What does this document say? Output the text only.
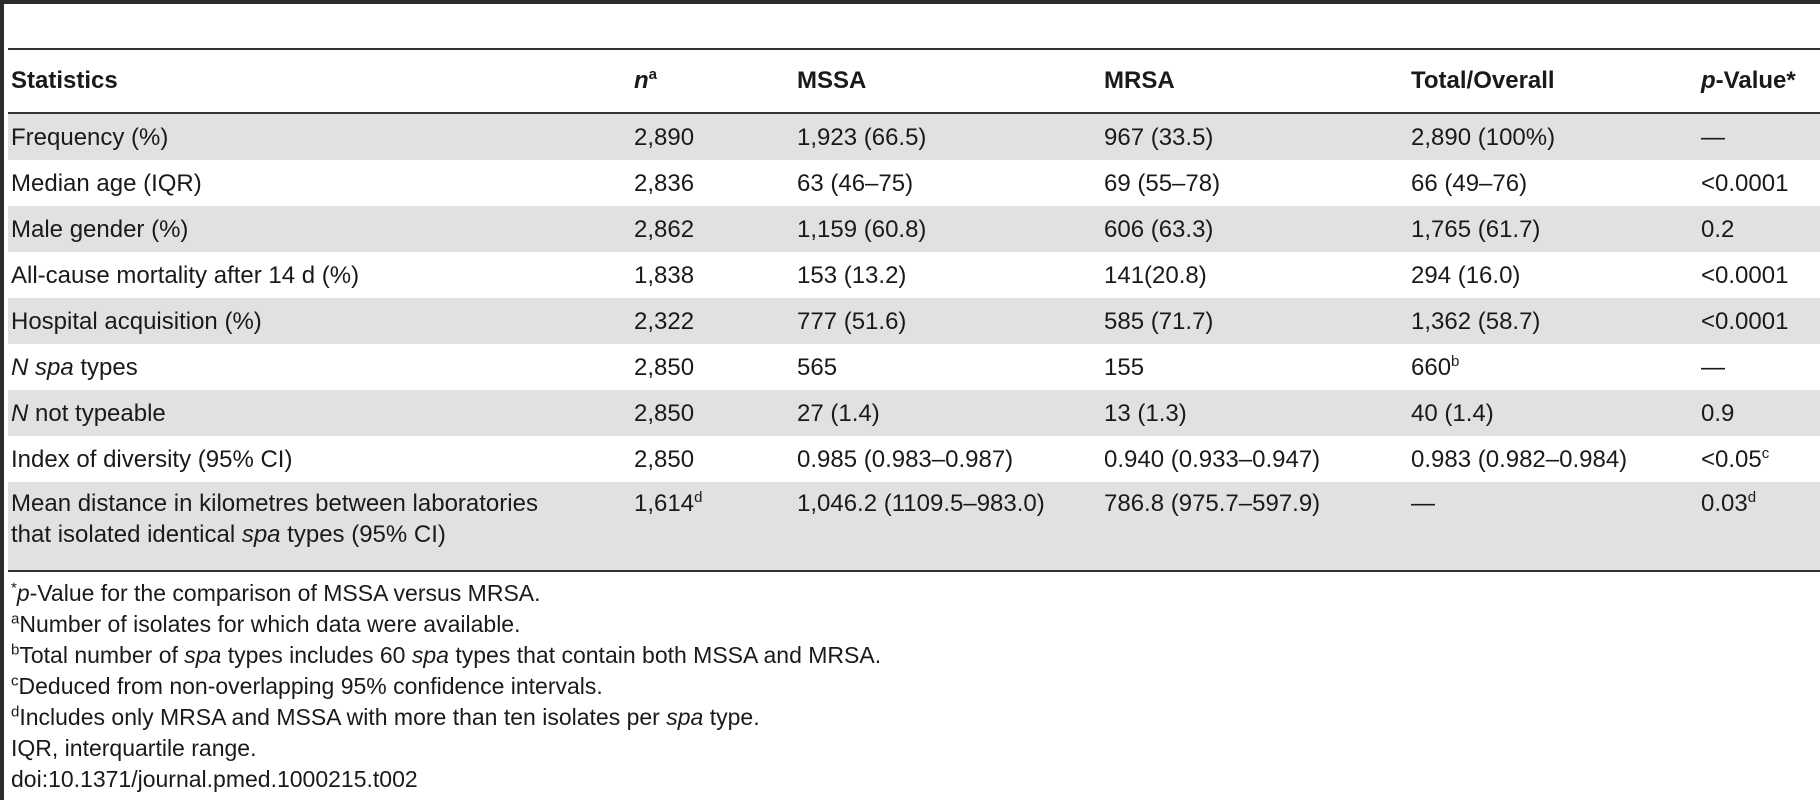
Statistics	$n^a$	MSSA	MRSA	Total/Overall	p-Value*
Frequency (%)	2,890	1,923 (66.5)	967 (33.5)	2,890 (100%)	—
Median age (IQR)	2,836	63 (46–75)	69 (55–78)	66 (49–76)	<0.0001
Male gender (%)	2,862	1,159 (60.8)	606 (63.3)	1,765 (61.7)	0.2
All-cause mortality after 14 d (%)	1,838	153 (13.2)	141(20.8)	294 (16.0)	<0.0001
Hospital acquisition (%)	2,322	777 (51.6)	585 (71.7)	1,362 (58.7)	<0.0001
N spa types	2,850	565	155	660$^b$	—
N not typeable	2,850	27 (1.4)	13 (1.3)	40 (1.4)	0.9
Index of diversity (95% CI)	2,850	0.985 (0.983–0.987)	0.940 (0.933–0.947)	0.983 (0.982–0.984)	<0.05$^c$
Mean distance in kilometres between laboratories
that isolated identical spa types (95% CI)	1,614$^d$	1,046.2 (1109.5–983.0)	786.8 (975.7–597.9)	—	0.03$^d$
*p-Value for the comparison of MSSA versus MRSA.
$^a$Number of isolates for which data were available.
$^b$Total number of spa types includes 60 spa types that contain both MSSA and MRSA.
$^c$Deduced from non-overlapping 95% confidence intervals.
$^d$Includes only MRSA and MSSA with more than ten isolates per spa type.
IQR, interquartile range.
doi:10.1371/journal.pmed.1000215.t002
